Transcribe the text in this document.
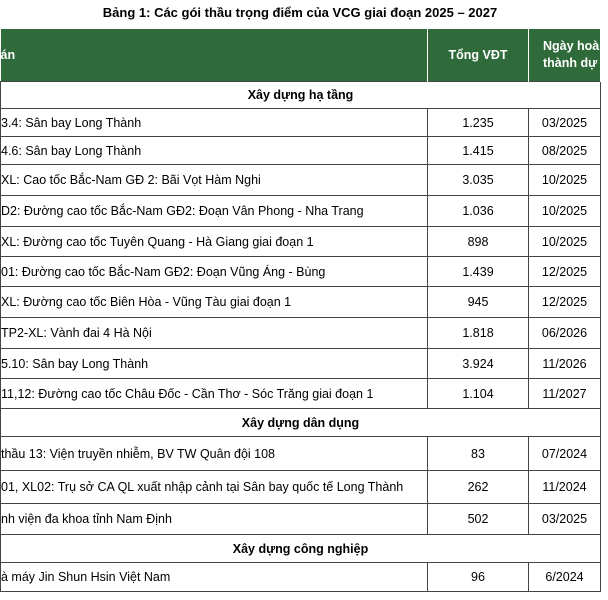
Bảng 1: Các gói thầu trọng điểm của VCG giai đoạn 2025 – 2027
án	Tổng VĐT	Ngày hoà
thành dự k

Xây dựng hạ tầng		
3.4: Sân bay Long Thành	1.235	03/2025
4.6: Sân bay Long Thành	1.415	08/2025
XL: Cao tốc Bắc-Nam GĐ 2: Bãi Vọt Hàm Nghi	3.035	10/2025
D2: Đường cao tốc Bắc-Nam GĐ2: Đoạn Vân Phong - Nha Trang	1.036	10/2025
XL: Đường cao tốc Tuyên Quang - Hà Giang giai đoạn 1	898	10/2025
01: Đường cao tốc Bắc-Nam GĐ2: Đoạn Vũng Áng - Bùng	1.439	12/2025
XL: Đường cao tốc Biên Hòa - Vũng Tàu giai đoạn 1	945	12/2025
TP2-XL: Vành đai 4 Hà Nội	1.818	06/2026
5.10: Sân bay Long Thành	3.924	11/2026
11,12: Đường cao tốc Châu Đốc - Cần Thơ - Sóc Trăng giai đoạn 1	1.104	11/2027
Xây dựng dân dụng		
thầu 13: Viện truyền nhiễm, BV TW Quân đội 108	83	07/2024
01, XL02: Trụ sở CA QL xuất nhập cảnh tại Sân bay quốc tế Long Thành	262	11/2024
nh viện đa khoa tỉnh Nam Định	502	03/2025
Xây dựng công nghiệp		
à máy Jin Shun Hsin Việt Nam	96	6/2024
